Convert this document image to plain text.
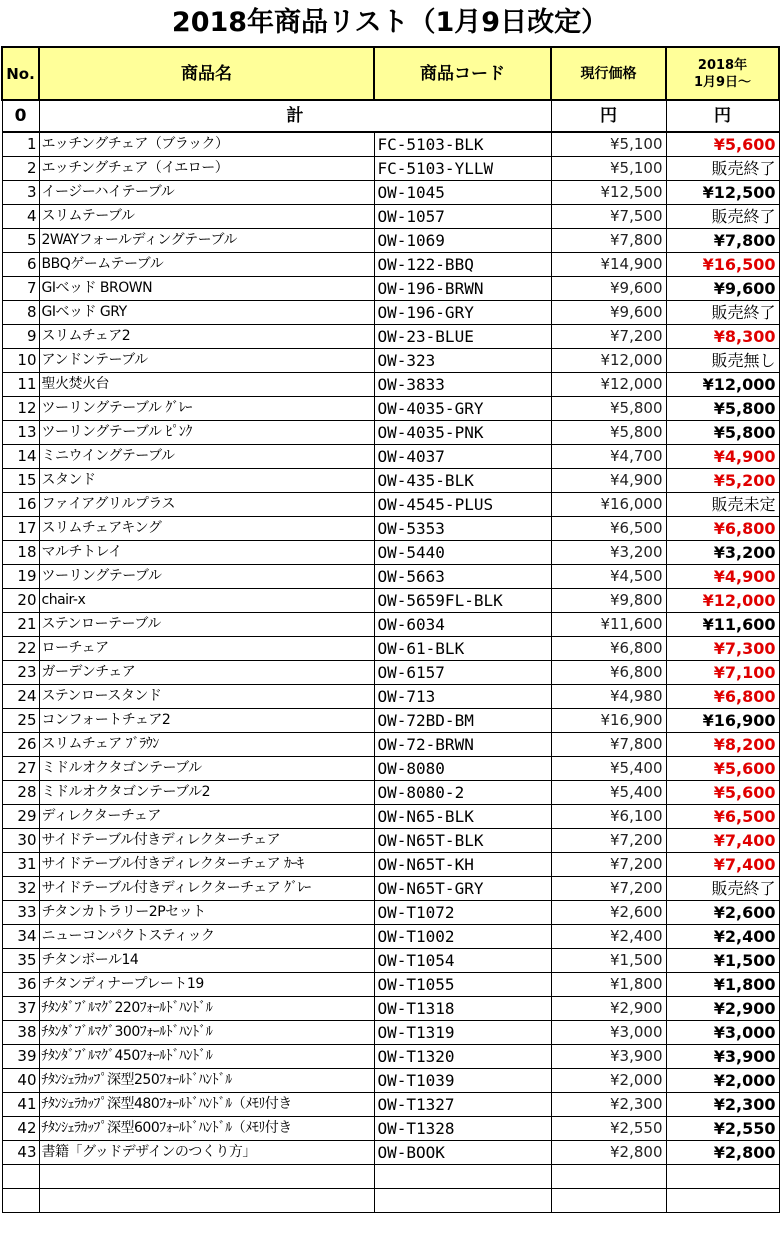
2018年商品リスト（1月9日改定）
No.	商品名	商品コード	現行価格	2018年
1月9日～
0	計		円	円
1	エッチングチェア（ブラック）	FC-5103-BLK	¥5,100	¥5,600
2	エッチングチェア（イエロー）	FC-5103-YLLW	¥5,100	販売終了
3	イージーハイテーブル	OW-1045	¥12,500	¥12,500
4	スリムテーブル	OW-1057	¥7,500	販売終了
5	2WAYフォールディングテーブル	OW-1069	¥7,800	¥7,800
6	BBQゲームテーブル	OW-122-BBQ	¥14,900	¥16,500
7	GIベッド BROWN	OW-196-BRWN	¥9,600	¥9,600
8	GIベッド GRY	OW-196-GRY	¥9,600	販売終了
9	スリムチェア2	OW-23-BLUE	¥7,200	¥8,300
10	アンドンテーブル	OW-323	¥12,000	販売無し
11	聖火焚火台	OW-3833	¥12,000	¥12,000
12	ツーリングテーブル ｸﾞﾚｰ	OW-4035-GRY	¥5,800	¥5,800
13	ツーリングテーブル ﾋﾟﾝｸ	OW-4035-PNK	¥5,800	¥5,800
14	ミニウイングテーブル	OW-4037	¥4,700	¥4,900
15	スタンド	OW-435-BLK	¥4,900	¥5,200
16	ファイアグリルプラス	OW-4545-PLUS	¥16,000	販売未定
17	スリムチェアキング	OW-5353	¥6,500	¥6,800
18	マルチトレイ	OW-5440	¥3,200	¥3,200
19	ツーリングテーブル	OW-5663	¥4,500	¥4,900
20	chair-x	OW-5659FL-BLK	¥9,800	¥12,000
21	ステンローテーブル	OW-6034	¥11,600	¥11,600
22	ローチェア	OW-61-BLK	¥6,800	¥7,300
23	ガーデンチェア	OW-6157	¥6,800	¥7,100
24	ステンロースタンド	OW-713	¥4,980	¥6,800
25	コンフォートチェア2	OW-72BD-BM	¥16,900	¥16,900
26	スリムチェア ﾌﾞﾗｳﾝ	OW-72-BRWN	¥7,800	¥8,200
27	ミドルオクタゴンテーブル	OW-8080	¥5,400	¥5,600
28	ミドルオクタゴンテーブル2	OW-8080-2	¥5,400	¥5,600
29	ディレクターチェア	OW-N65-BLK	¥6,100	¥6,500
30	サイドテーブル付きディレクターチェア	OW-N65T-BLK	¥7,200	¥7,400
31	サイドテーブル付きディレクターチェア ｶｰｷ	OW-N65T-KH	¥7,200	¥7,400
32	サイドテーブル付きディレクターチェア ｸﾞﾚｰ	OW-N65T-GRY	¥7,200	販売終了
33	チタンカトラリー2Pセット	OW-T1072	¥2,600	¥2,600
34	ニューコンパクトスティック	OW-T1002	¥2,400	¥2,400
35	チタンボール14	OW-T1054	¥1,500	¥1,500
36	チタンディナープレート19	OW-T1055	¥1,800	¥1,800
37	ﾁﾀﾝﾀﾞﾌﾞﾙﾏｸﾞ220ﾌｫｰﾙﾄﾞﾊﾝﾄﾞﾙ	OW-T1318	¥2,900	¥2,900
38	ﾁﾀﾝﾀﾞﾌﾞﾙﾏｸﾞ300ﾌｫｰﾙﾄﾞﾊﾝﾄﾞﾙ	OW-T1319	¥3,000	¥3,000
39	ﾁﾀﾝﾀﾞﾌﾞﾙﾏｸﾞ450ﾌｫｰﾙﾄﾞﾊﾝﾄﾞﾙ	OW-T1320	¥3,900	¥3,900
40	ﾁﾀﾝｼｪﾗｶｯﾌﾟ深型250ﾌｫｰﾙﾄﾞﾊﾝﾄﾞﾙ	OW-T1039	¥2,000	¥2,000
41	ﾁﾀﾝｼｪﾗｶｯﾌﾟ深型480ﾌｫｰﾙﾄﾞﾊﾝﾄﾞﾙ（ﾒﾓﾘ付き	OW-T1327	¥2,300	¥2,300
42	ﾁﾀﾝｼｪﾗｶｯﾌﾟ深型600ﾌｫｰﾙﾄﾞﾊﾝﾄﾞﾙ（ﾒﾓﾘ付き	OW-T1328	¥2,550	¥2,550
43	書籍「グッドデザインのつくり方」	OW-BOOK	¥2,800	¥2,800
